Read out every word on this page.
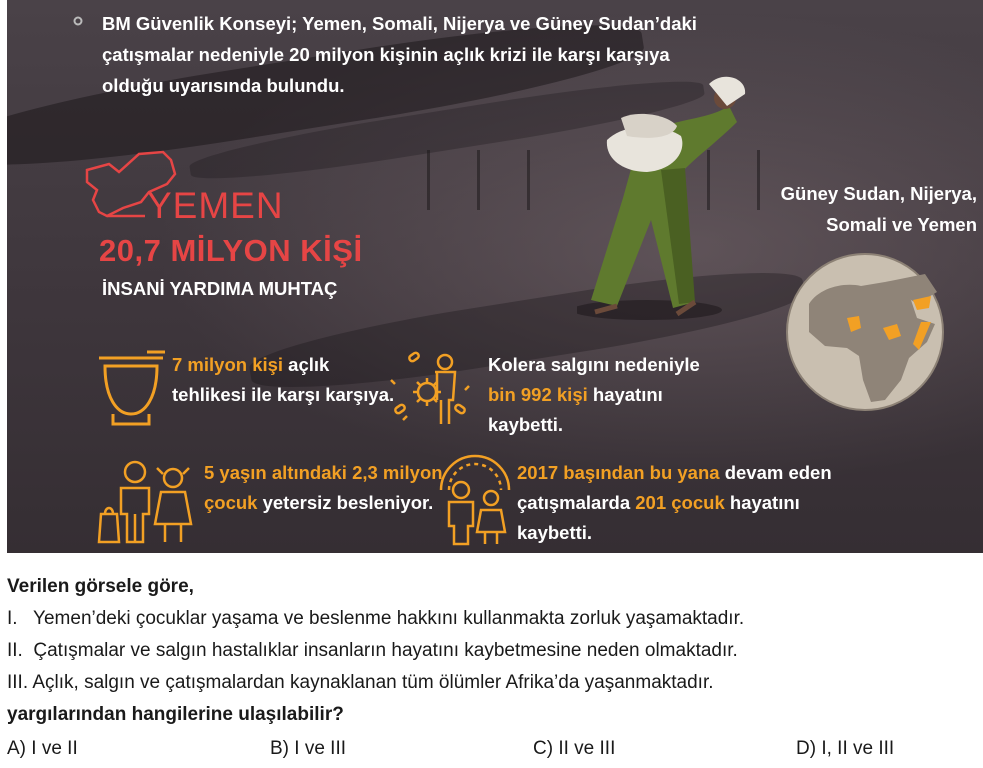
BM Güvenlik Konseyi; Yemen, Somali, Nijerya ve Güney Sudan’daki çatışmalar nedeniyle 20 milyon kişinin açlık krizi ile karşı karşıya olduğu uyarısında bulundu.
YEMEN
20,7 MİLYON KİŞİ
İNSANİ YARDIMA MUHTAÇ
7 milyon kişi açlık tehlikesi ile karşı karşıya.
Kolera salgını nedeniyle bin 992 kişi hayatını kaybetti.
5 yaşın altındaki 2,3 milyon çocuk yetersiz besleniyor.
2017 başından bu yana devam eden çatışmalarda 201 çocuk hayatını kaybetti.
Güney Sudan, Nijerya, Somali ve Yemen
Verilen görsele göre,
I.   Yemen’deki çocuklar yaşama ve beslenme hakkını kullanmakta zorluk yaşamaktadır.
II.  Çatışmalar ve salgın hastalıklar insanların hayatını kaybetmesine neden olmaktadır.
III. Açlık, salgın ve çatışmalardan kaynaklanan tüm ölümler Afrika’da yaşanmaktadır.
yargılarından hangilerine ulaşılabilir?
A) I ve II	B) I ve III	C) II ve III	D) I, II ve III
